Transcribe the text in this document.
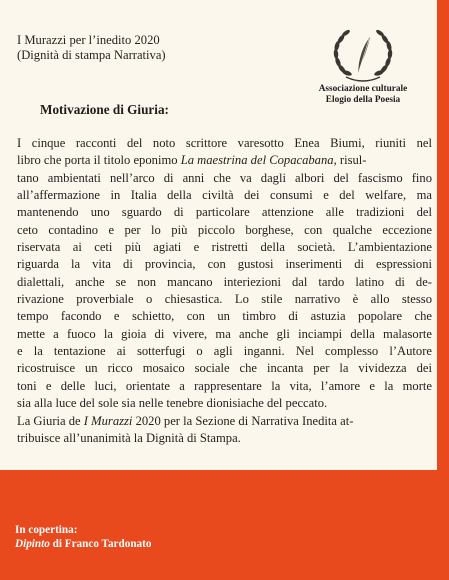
I Murazzi per l’inedito 2020
(Dignità di stampa Narrativa)
Associazione culturale
Elogio della Poesia
Motivazione di Giuria:
I cinque racconti del noto scrittore varesotto Enea Biumi, riuniti nel
libro che porta il titolo eponimo La maestrina del Copacabana, risul-
tano ambientati nell’arco di anni che va dagli albori del fascismo fino
all’affermazione in Italia della civiltà dei consumi e del welfare, ma
mantenendo uno sguardo di particolare attenzione alle tradizioni del
ceto contadino e per lo più piccolo borghese, con qualche eccezione
riservata ai ceti più agiati e ristretti della società. L’ambientazione
riguarda la vita di provincia, con gustosi inserimenti di espressioni
dialettali, anche se non mancano interiezioni dal tardo latino di de-
rivazione proverbiale o chiesastica. Lo stile narrativo è allo stesso
tempo facondo e schietto, con un timbro di astuzia popolare che
mette a fuoco la gioia di vivere, ma anche gli inciampi della malasorte
e la tentazione ai sotterfugi o agli inganni. Nel complesso l’Autore
ricostruisce un ricco mosaico sociale che incanta per la vividezza dei
toni e delle luci, orientate a rappresentare la vita, l’amore e la morte
sia alla luce del sole sia nelle tenebre dionisiache del peccato.
La Giuria de I Murazzi 2020 per la Sezione di Narrativa Inedita at-
tribuisce all’unanimità la Dignità di Stampa.
In copertina:
Dipinto di Franco Tardonato
